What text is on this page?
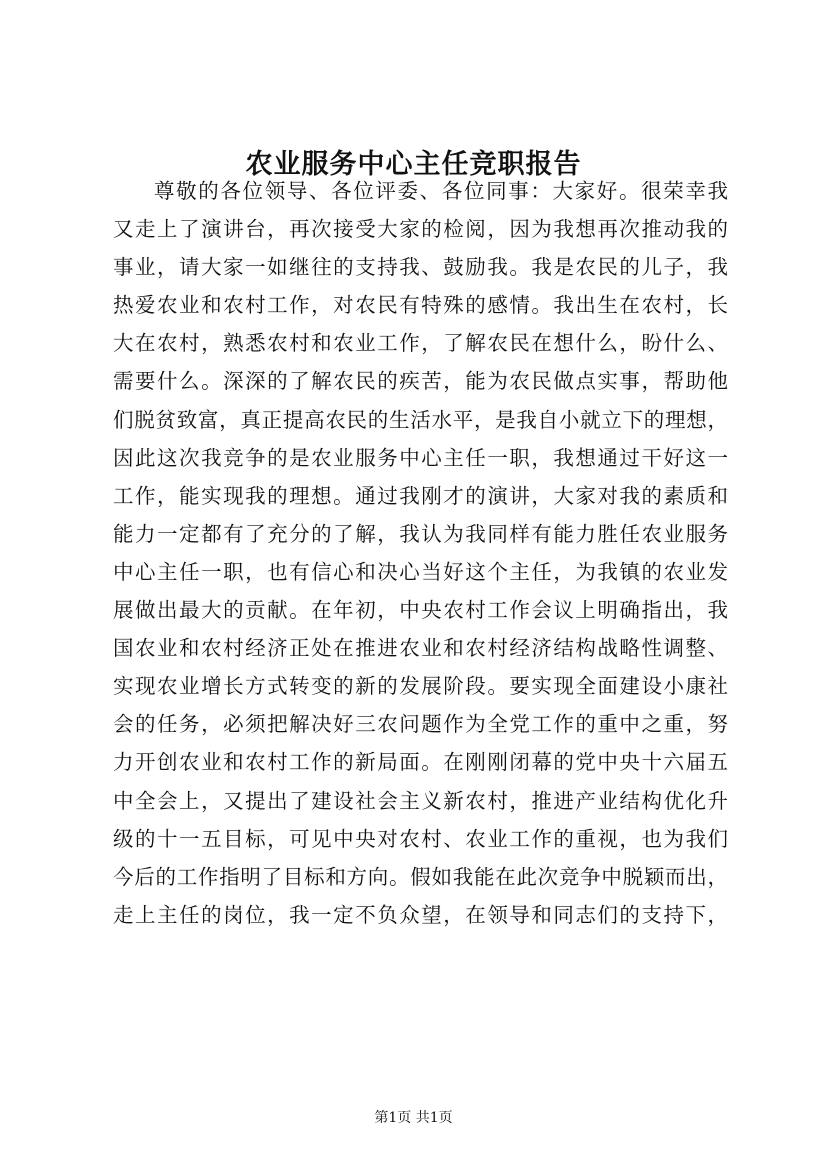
农业服务中心主任竞职报告
尊敬的各位领导、各位评委、各位同事：大家好。很荣幸我
又走上了演讲台，再次接受大家的检阅，因为我想再次推动我的
事业，请大家一如继往的支持我、鼓励我。我是农民的儿子，我
热爱农业和农村工作，对农民有特殊的感情。我出生在农村，长
大在农村，熟悉农村和农业工作，了解农民在想什么，盼什么、
需要什么。深深的了解农民的疾苦，能为农民做点实事，帮助他
们脱贫致富，真正提高农民的生活水平，是我自小就立下的理想，
因此这次我竞争的是农业服务中心主任一职，我想通过干好这一
工作，能实现我的理想。通过我刚才的演讲，大家对我的素质和
能力一定都有了充分的了解，我认为我同样有能力胜任农业服务
中心主任一职，也有信心和决心当好这个主任，为我镇的农业发
展做出最大的贡献。在年初，中央农村工作会议上明确指出，我
国农业和农村经济正处在推进农业和农村经济结构战略性调整、
实现农业增长方式转变的新的发展阶段。要实现全面建设小康社
会的任务，必须把解决好三农问题作为全党工作的重中之重，努
力开创农业和农村工作的新局面。在刚刚闭幕的党中央十六届五
中全会上，又提出了建设社会主义新农村，推进产业结构优化升
级的十一五目标，可见中央对农村、农业工作的重视，也为我们
今后的工作指明了目标和方向。假如我能在此次竞争中脱颖而出，
走上主任的岗位，我一定不负众望，在领导和同志们的支持下，
第1页 共1页
